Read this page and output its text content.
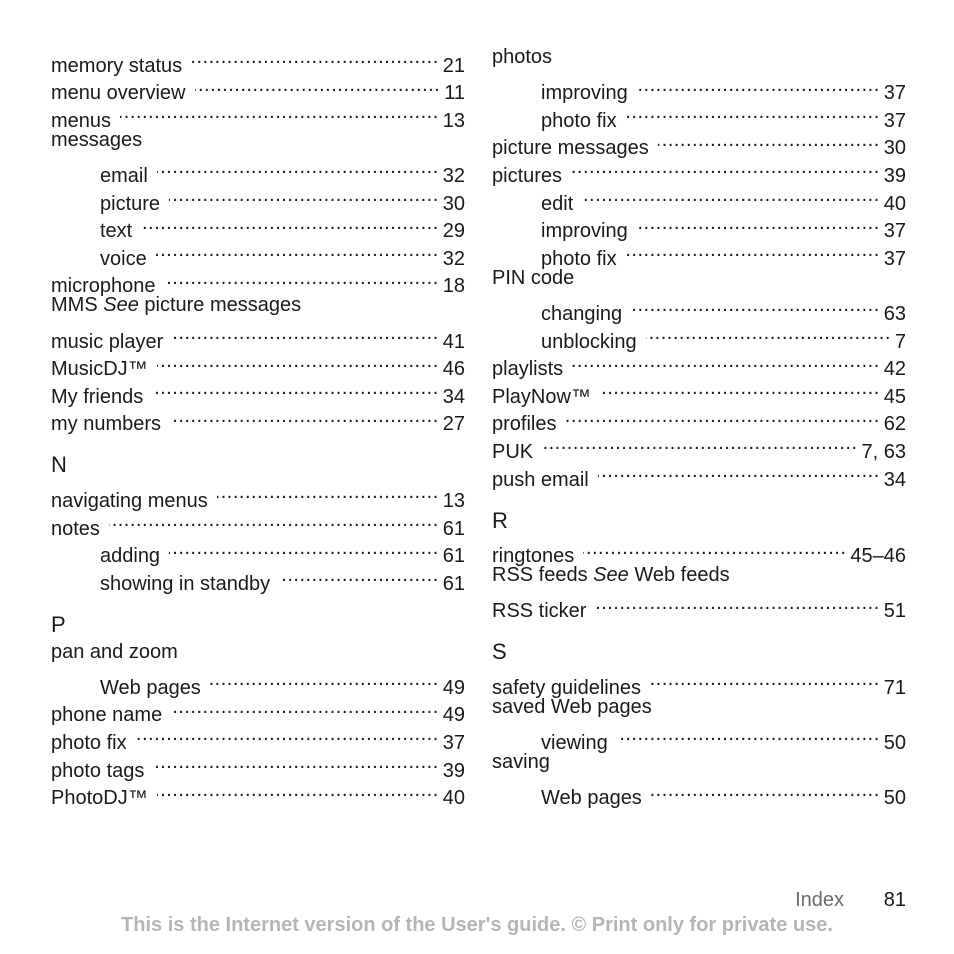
memory status .....	21
menu overview .....	11
menus .....	13
messages
email .....	32
picture .....	30
text .....	29
voice .....	32
microphone .....	18
MMS See picture messages
music player .....	41
MusicDJ™ .....	46
My friends .....	34
my numbers .....	27
N
navigating menus .....	13
notes .....	61
adding .....	61
showing in standby .....	61
P
pan and zoom
Web pages .....	49
phone name .....	49
photo fix .....	37
photo tags .....	39
PhotoDJ™ .....	40
photos
improving .....	37
photo fix .....	37
picture messages .....	30
pictures .....	39
edit .....	40
improving .....	37
photo fix .....	37
PIN code
changing .....	63
unblocking .....	7
playlists .....	42
PlayNow™ .....	45
profiles .....	62
PUK .....	7, 63
push email .....	34
R
ringtones .....	45–46
RSS feeds See Web feeds
RSS ticker .....	51
S
safety guidelines .....	71
saved Web pages
viewing .....	50
saving
Web pages .....	50
Index 81
This is the Internet version of the User's guide. © Print only for private use.
